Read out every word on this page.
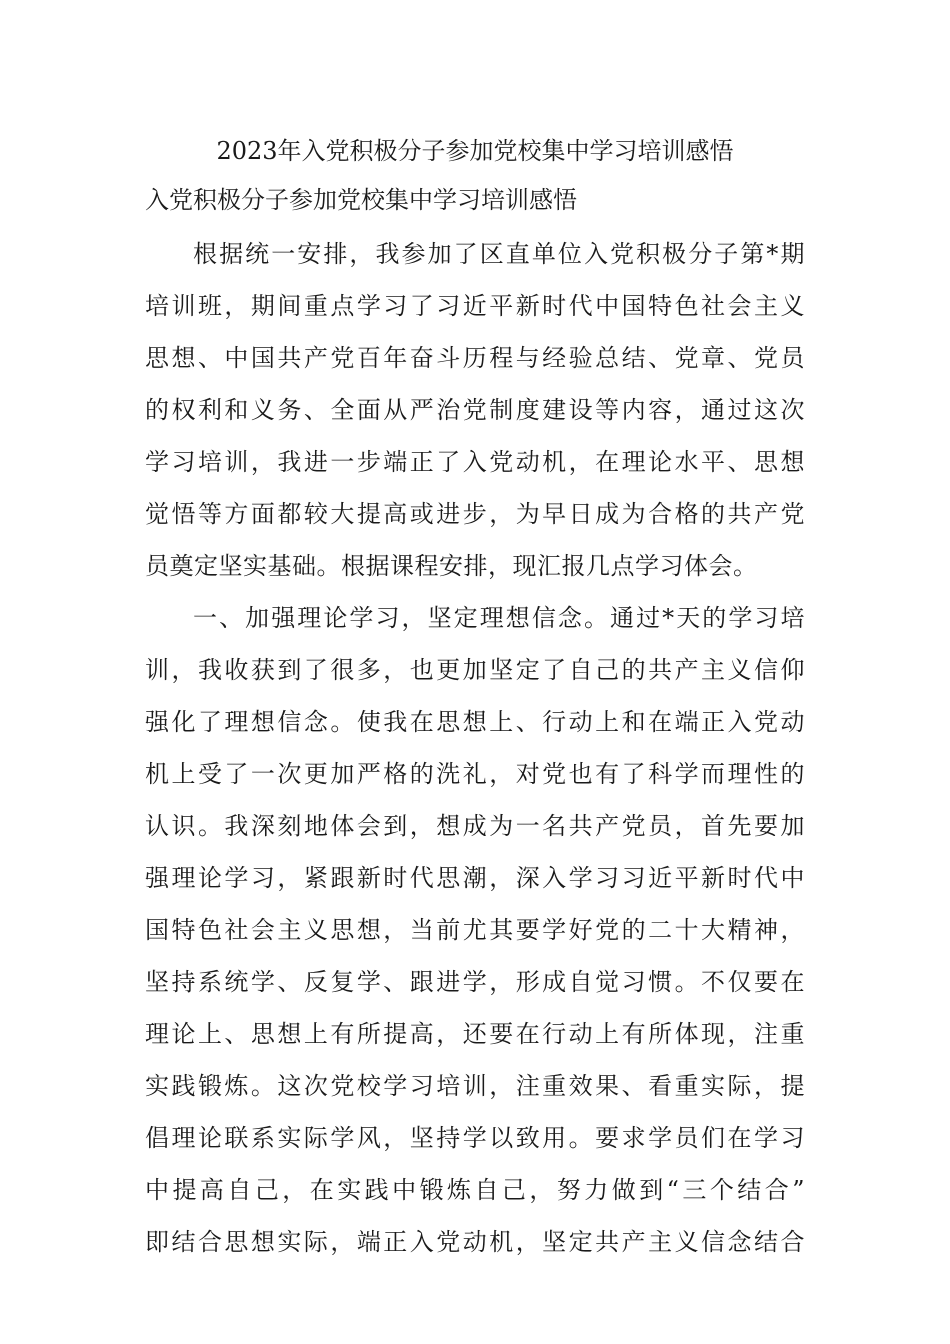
2023年入党积极分子参加党校集中学习培训感悟
入党积极分子参加党校集中学习培训感悟
根据统一安排，我参加了区直单位入党积极分子第*期
培训班，期间重点学习了习近平新时代中国特色社会主义
思想、中国共产党百年奋斗历程与经验总结、党章、党员
的权利和义务、全面从严治党制度建设等内容，通过这次
学习培训，我进一步端正了入党动机，在理论水平、思想
觉悟等方面都较大提高或进步，为早日成为合格的共产党
员奠定坚实基础。根据课程安排，现汇报几点学习体会。
一、加强理论学习，坚定理想信念。通过*天的学习培
训，我收获到了很多，也更加坚定了自己的共产主义信仰
强化了理想信念。使我在思想上、行动上和在端正入党动
机上受了一次更加严格的洗礼，对党也有了科学而理性的
认识。我深刻地体会到，想成为一名共产党员，首先要加
强理论学习，紧跟新时代思潮，深入学习习近平新时代中
国特色社会主义思想，当前尤其要学好党的二十大精神，
坚持系统学、反复学、跟进学，形成自觉习惯。不仅要在
理论上、思想上有所提高，还要在行动上有所体现，注重
实践锻炼。这次党校学习培训，注重效果、看重实际，提
倡理论联系实际学风，坚持学以致用。要求学员们在学习
中提高自己，在实践中锻炼自己，努力做到“三个结合”
即结合思想实际，端正入党动机，坚定共产主义信念结合
